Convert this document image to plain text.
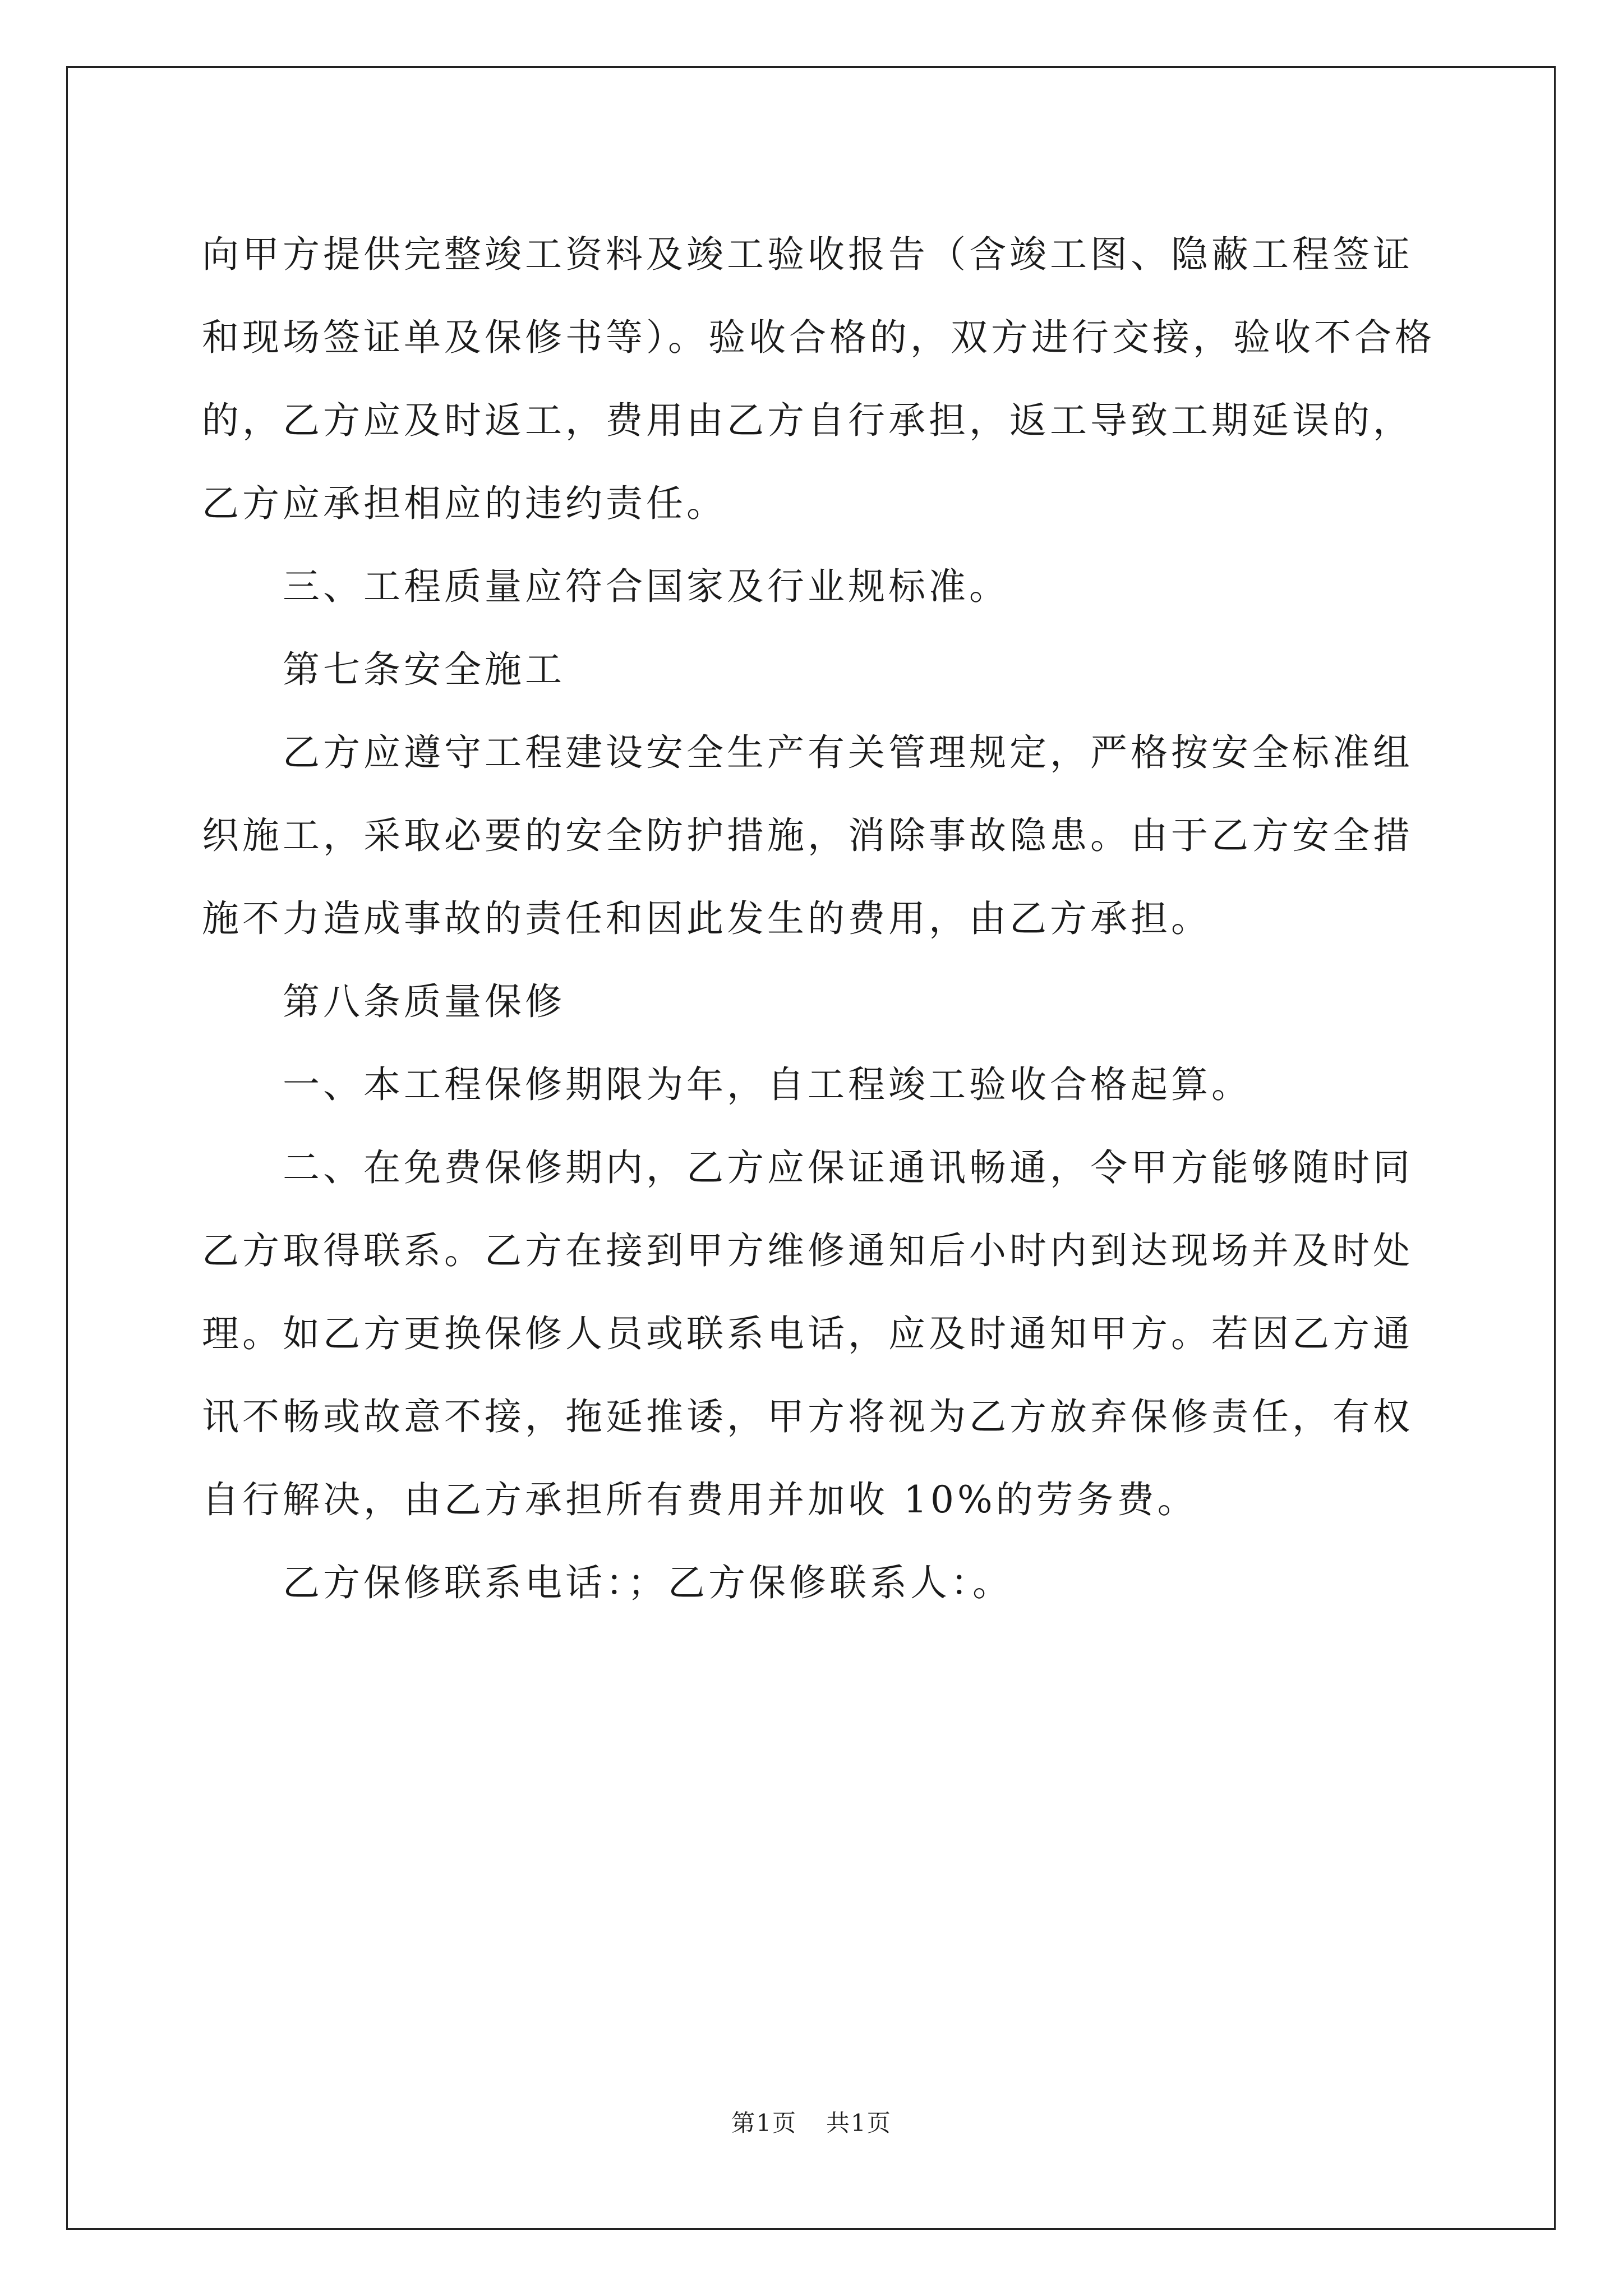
向甲方提供完整竣工资料及竣工验收报告（含竣工图、隐蔽工程签证

和现场签证单及保修书等）。验收合格的，双方进行交接，验收不合格

的，乙方应及时返工，费用由乙方自行承担，返工导致工期延误的，

乙方应承担相应的违约责任。

三、工程质量应符合国家及行业规标准。

第七条安全施工

乙方应遵守工程建设安全生产有关管理规定，严格按安全标准组

织施工，采取必要的安全防护措施，消除事故隐患。由于乙方安全措

施不力造成事故的责任和因此发生的费用，由乙方承担。

第八条质量保修

一、本工程保修期限为年，自工程竣工验收合格起算。

二、在免费保修期内，乙方应保证通讯畅通，令甲方能够随时同

乙方取得联系。乙方在接到甲方维修通知后小时内到达现场并及时处

理。如乙方更换保修人员或联系电话，应及时通知甲方。若因乙方通

讯不畅或故意不接，拖延推诿，甲方将视为乙方放弃保修责任，有权

自行解决，由乙方承担所有费用并加收 10%的劳务费。

乙方保修联系电话：；乙方保修联系人：。

第1页 共1页
